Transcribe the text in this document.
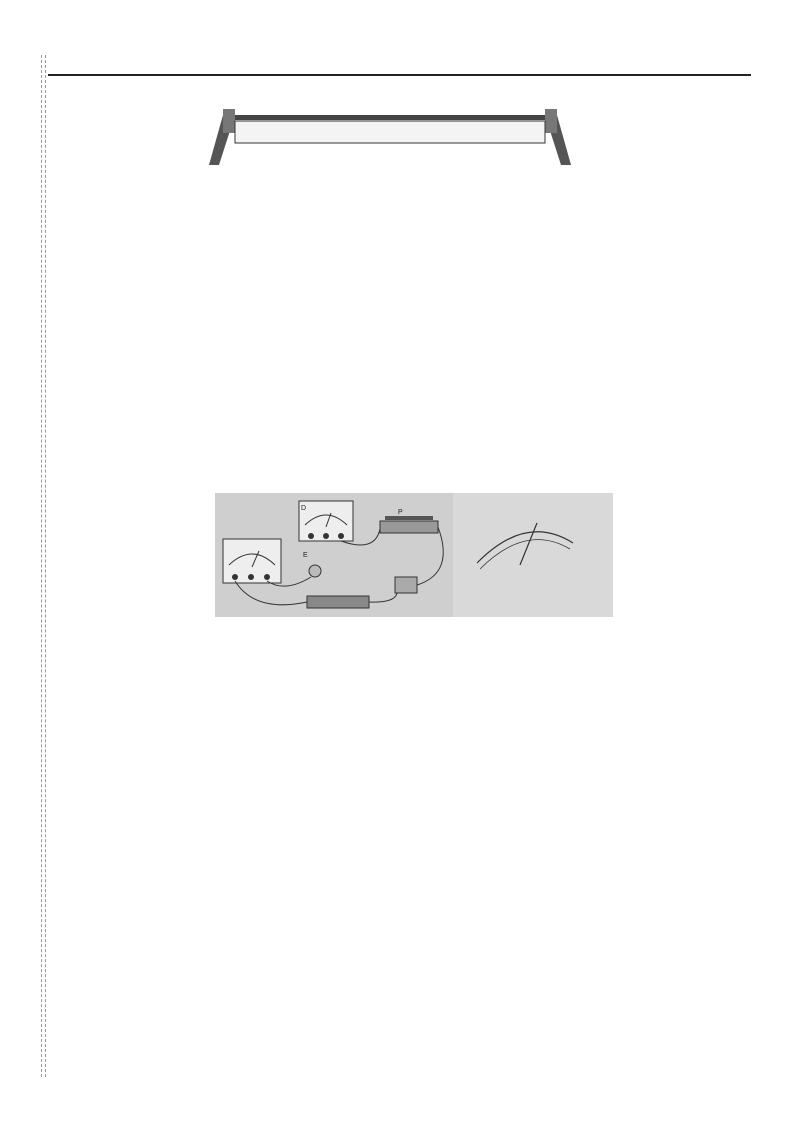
D
P
E
